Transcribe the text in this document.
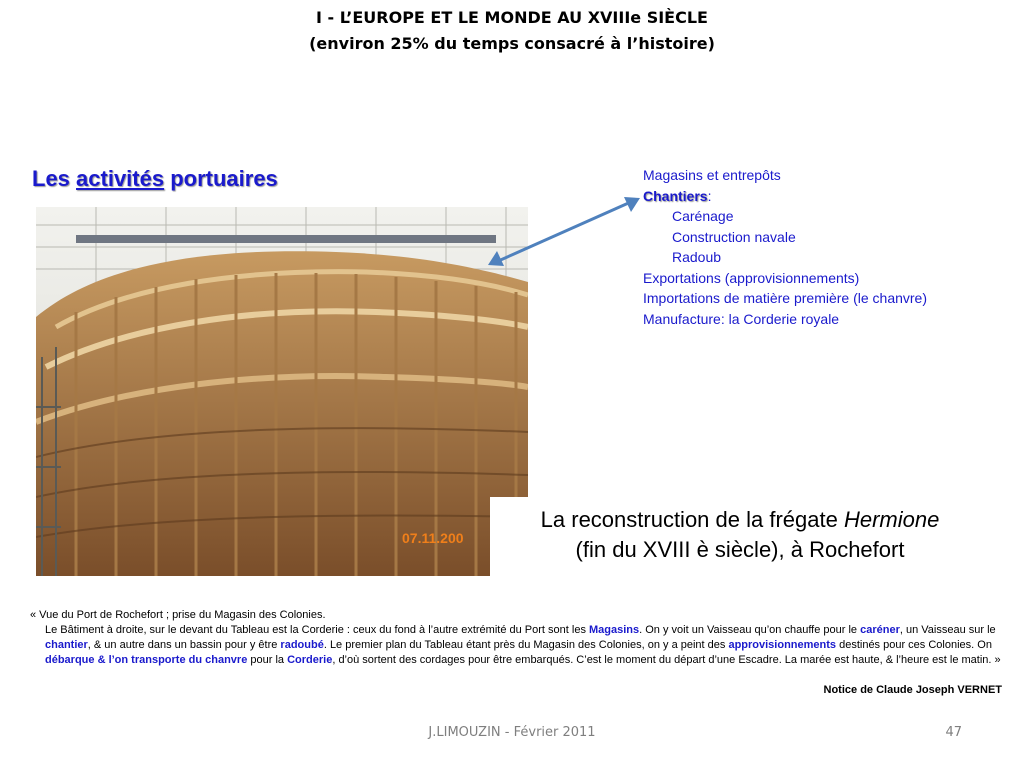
I - L’EUROPE ET LE MONDE AU XVIIIe SIÈCLE
(environ 25% du temps consacré à l’histoire)
Les activités portuaires
07.11.200
Magasins et entrepôts
Chantiers:
Carénage
Construction navale
Radoub
Exportations (approvisionnements)
Importations de matière première (le chanvre)
Manufacture: la Corderie royale
La reconstruction de la frégate Hermione
(fin du XVIII è siècle), à Rochefort
« Vue du Port de Rochefort ; prise du Magasin des Colonies.
Le Bâtiment à droite, sur le devant du Tableau est la Corderie : ceux du fond à l’autre extrémité du Port sont les Magasins. On y voit un Vaisseau qu’on chauffe pour le caréner, un Vaisseau sur le chantier, & un autre dans un bassin pour y être radoubé. Le premier plan du Tableau étant près du Magasin des Colonies, on y a peint des approvisionnements destinés pour ces Colonies. On débarque & l’on transporte du chanvre pour la Corderie, d’où sortent des cordages pour être embarqués. C’est le moment du départ d’une Escadre. La marée est haute, & l’heure est le matin. »
Notice de Claude Joseph VERNET
J.LIMOUZIN - Février 2011	47
